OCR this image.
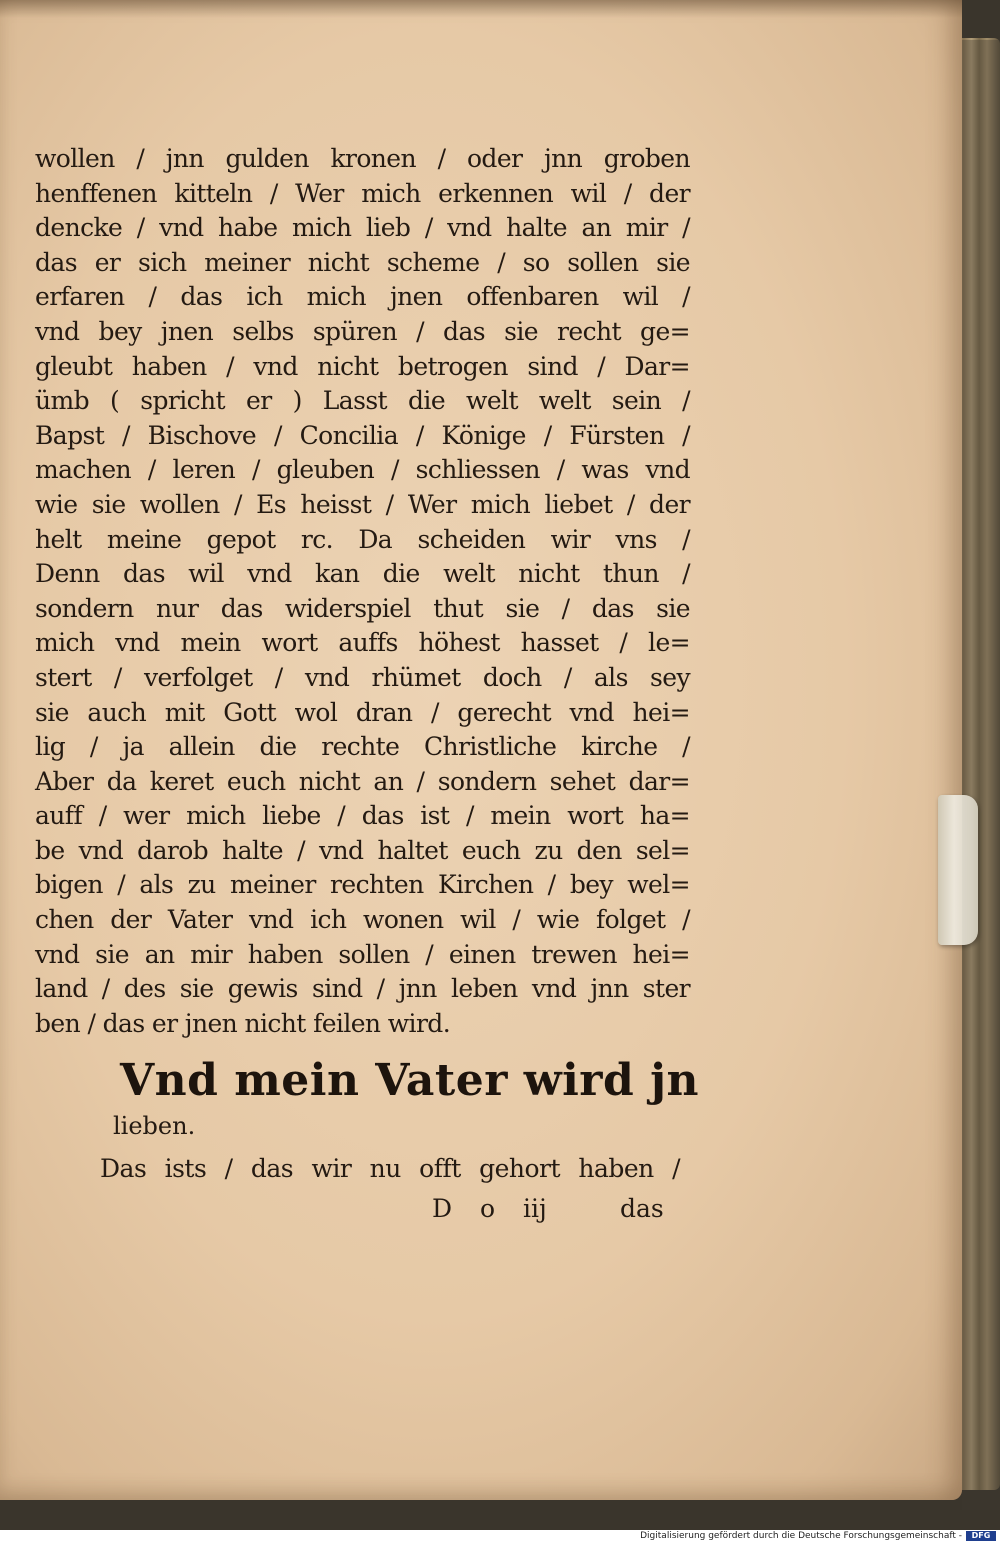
wollen / jnn gulden kronen / oder jnn groben
henffenen kitteln / Wer mich erkennen wil / der
dencke / vnd habe mich lieb / vnd halte an mir /
das er sich meiner nicht scheme / so sollen sie
erfaren / das ich mich jnen offenbaren wil /
vnd bey jnen selbs spüren / das sie recht ge=
gleubt haben / vnd nicht betrogen sind / Dar=
ümb ( spricht er ) Lasst die welt welt sein /
Bapst / Bischove / Concilia / Könige / Fürsten /
machen / leren / gleuben / schliessen / was vnd
wie sie wollen / Es heisst / Wer mich liebet / der
helt meine gepot rc. Da scheiden wir vns /
Denn das wil vnd kan die welt nicht thun /
sondern nur das widerspiel thut sie / das sie
mich vnd mein wort auffs höhest hasset / le=
stert / verfolget / vnd rhümet doch / als sey
sie auch mit Gott wol dran / gerecht vnd hei=
lig / ja allein die rechte Christliche kirche /
Aber da keret euch nicht an / sondern sehet dar=
auff / wer mich liebe / das ist / mein wort ha=
be vnd darob halte / vnd haltet euch zu den sel=
bigen / als zu meiner rechten Kirchen / bey wel=
chen der Vater vnd ich wonen wil / wie folget /
vnd sie an mir haben sollen / einen trewen hei=
land / des sie gewis sind / jnn leben vnd jnn ster
ben / das er jnen nicht feilen wird.
Vnd mein Vater wird jn
lieben.
Das ists / das wir nu offt gehort haben /
D o iij	das
Digitalisierung gefördert durch die Deutsche Forschungsgemeinschaft -	DFG
